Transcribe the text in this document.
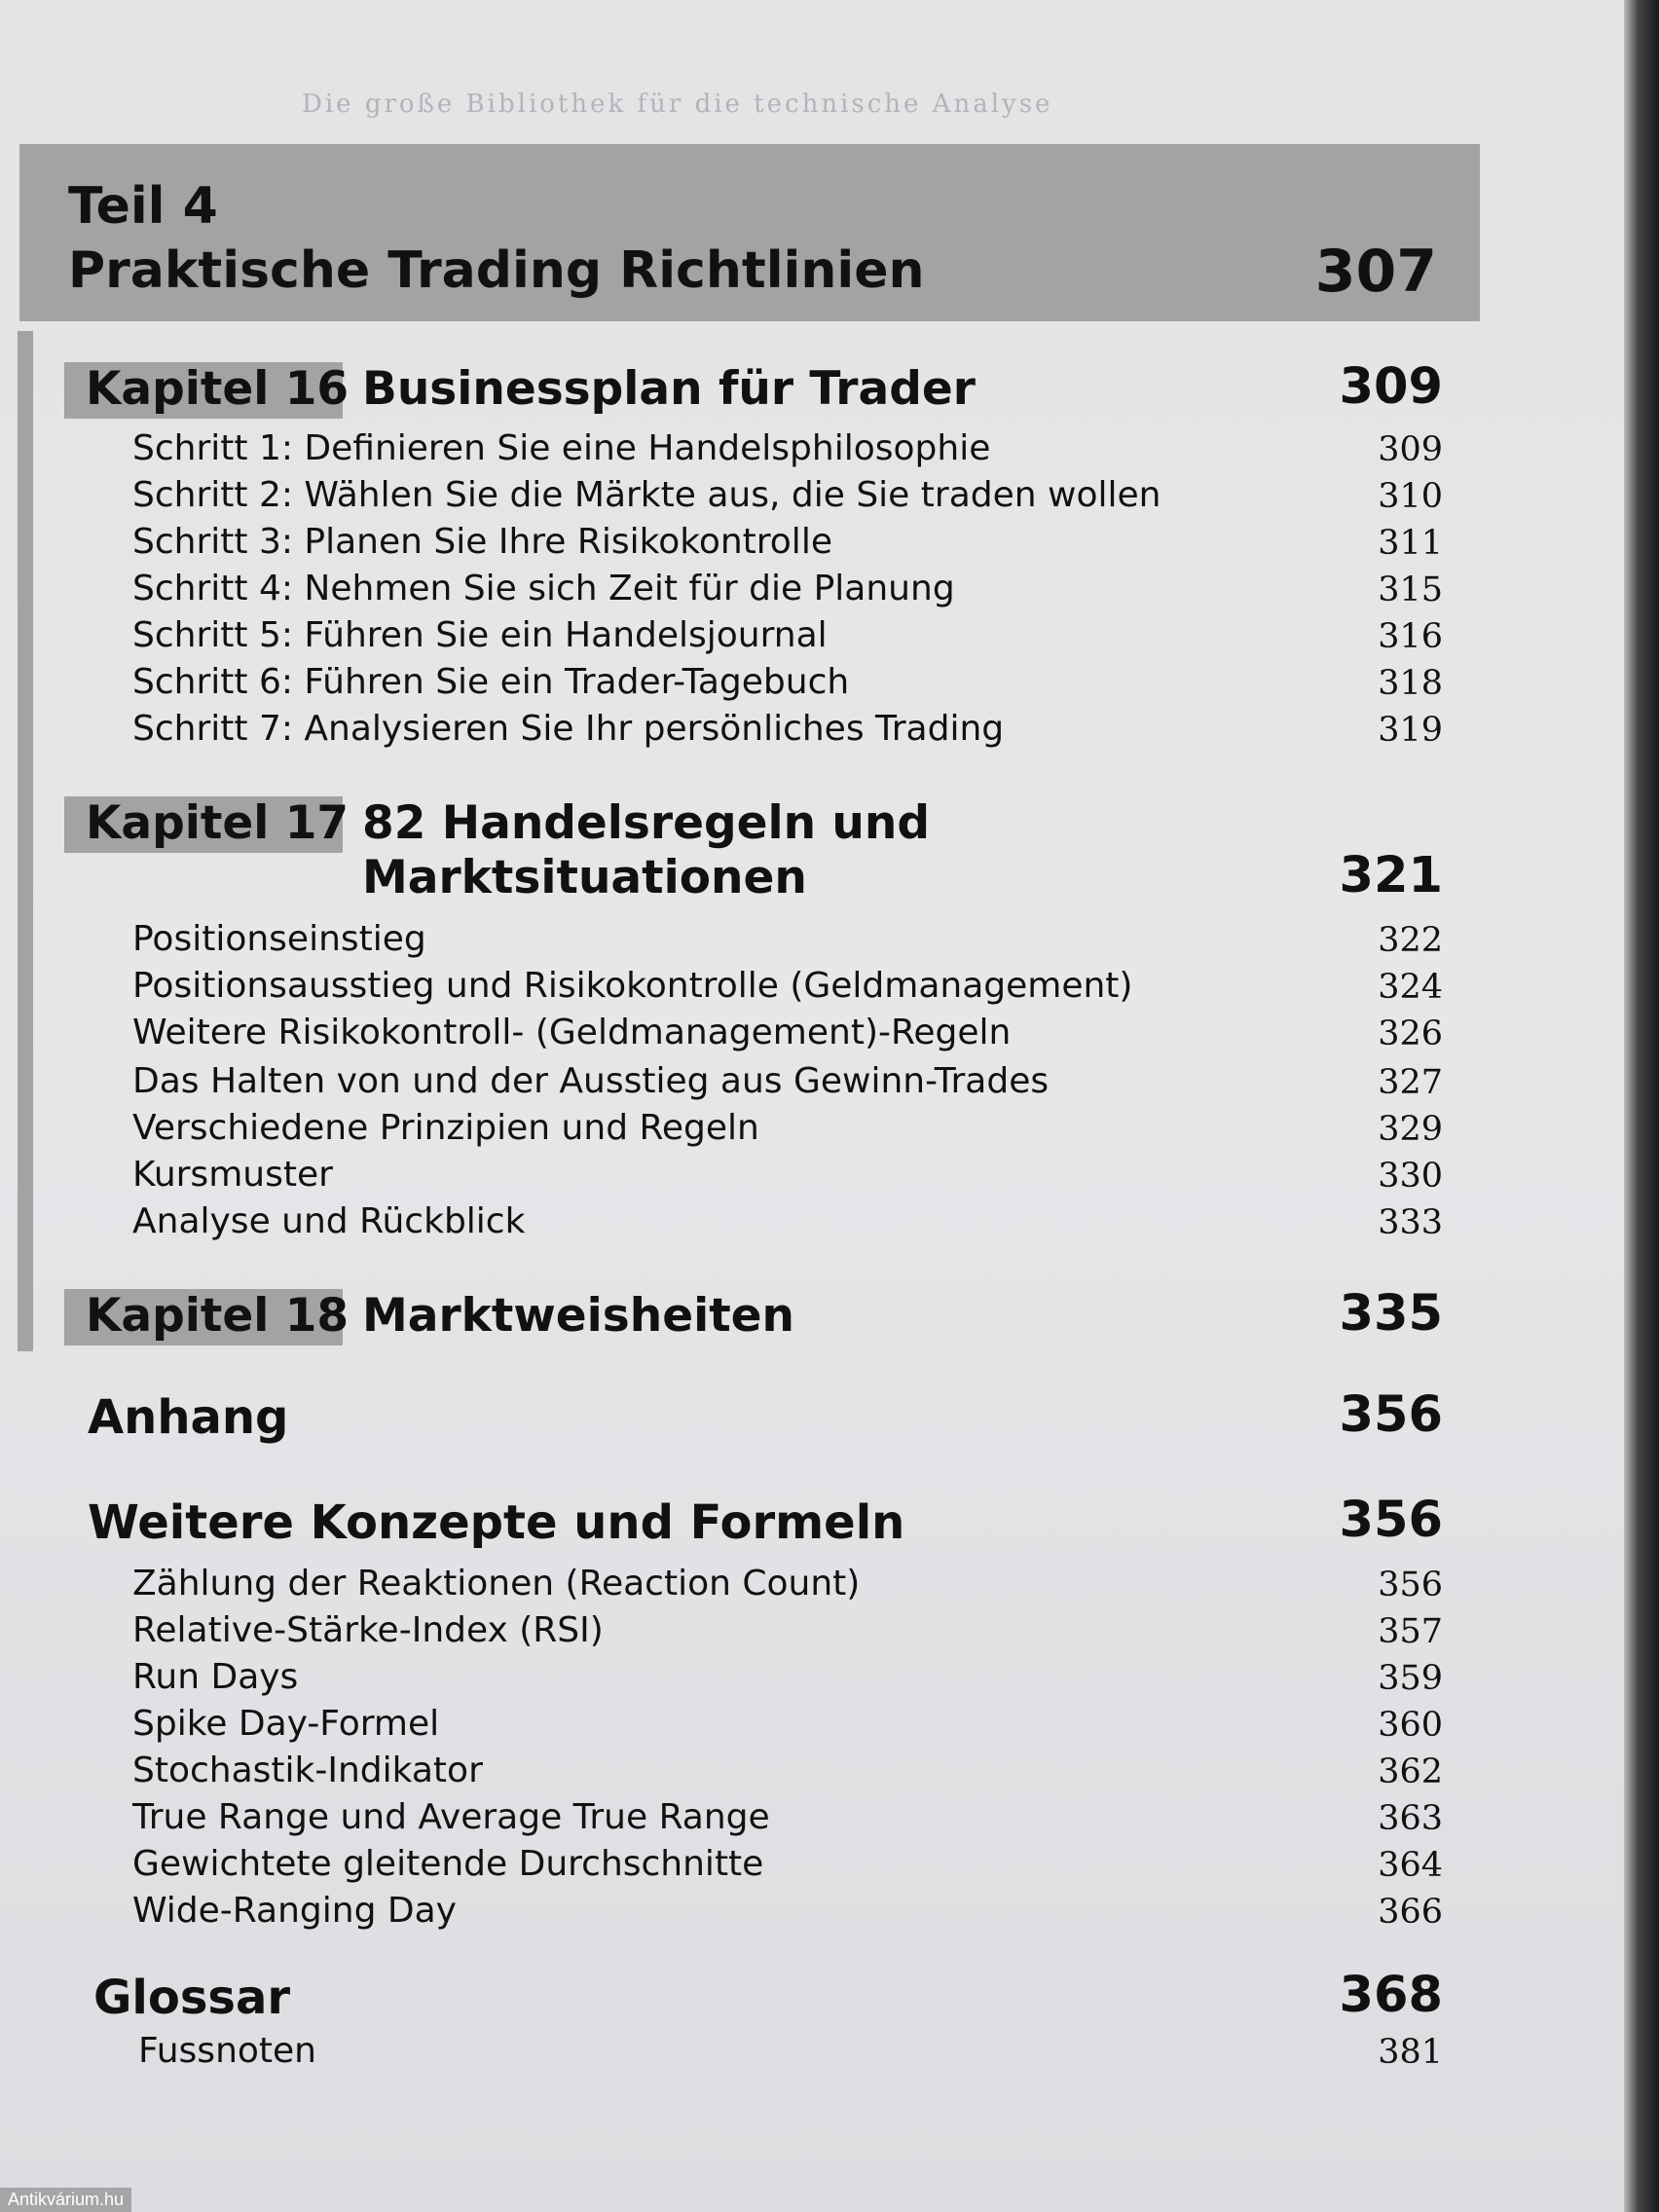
Die große Bibliothek für die technische Analyse
Teil 4
Praktische Trading Richtlinien	307
Kapitel 16 Businessplan für Trader	309
Schritt 1: Definieren Sie eine Handelsphilosophie	309
Schritt 2: Wählen Sie die Märkte aus, die Sie traden wollen	310
Schritt 3: Planen Sie Ihre Risikokontrolle	311
Schritt 4: Nehmen Sie sich Zeit für die Planung	315
Schritt 5: Führen Sie ein Handelsjournal	316
Schritt 6: Führen Sie ein Trader-Tagebuch	318
Schritt 7: Analysieren Sie Ihr persönliches Trading	319
Kapitel 17 82 Handelsregeln und
Marktsituationen	321
Positionseinstieg	322
Positionsausstieg und Risikokontrolle (Geldmanagement)	324
Weitere Risikokontroll- (Geldmanagement)-Regeln	326
Das Halten von und der Ausstieg aus Gewinn-Trades	327
Verschiedene Prinzipien und Regeln	329
Kursmuster	330
Analyse und Rückblick	333
Kapitel 18 Marktweisheiten	335
Anhang	356
Weitere Konzepte und Formeln	356
Zählung der Reaktionen (Reaction Count)	356
Relative-Stärke-Index (RSI)	357
Run Days	359
Spike Day-Formel	360
Stochastik-Indikator	362
True Range und Average True Range	363
Gewichtete gleitende Durchschnitte	364
Wide-Ranging Day	366
Glossar	368
Fussnoten	381
Antikvárium.hu
